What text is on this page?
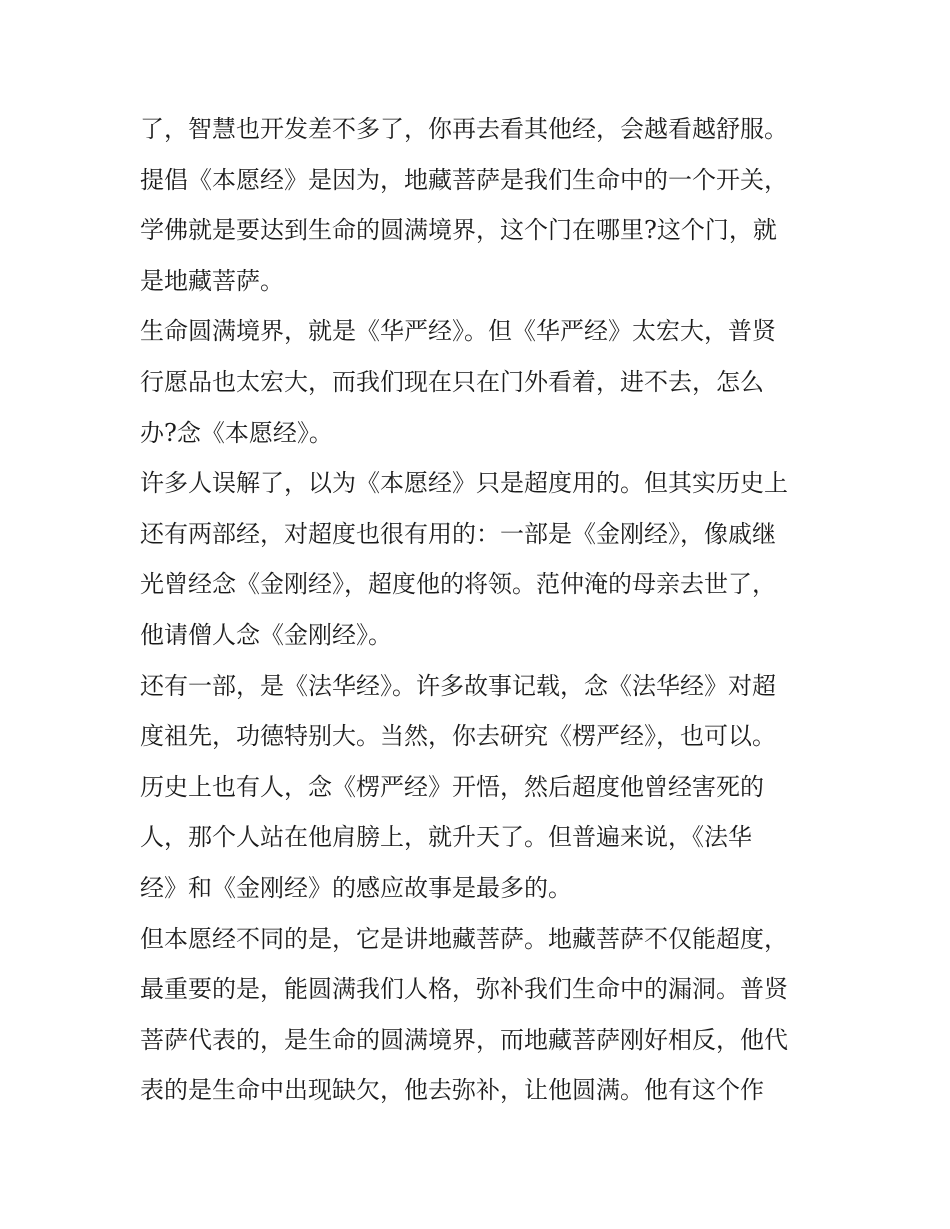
了，智慧也开发差不多了，你再去看其他经，会越看越舒服。
提倡《本愿经》是因为，地藏菩萨是我们生命中的一个开关，
学佛就是要达到生命的圆满境界，这个门在哪里?这个门，就
是地藏菩萨。
生命圆满境界，就是《华严经》。但《华严经》太宏大，普贤
行愿品也太宏大，而我们现在只在门外看着，进不去，怎么
办?念《本愿经》。
许多人误解了，以为《本愿经》只是超度用的。但其实历史上
还有两部经，对超度也很有用的：一部是《金刚经》，像戚继
光曾经念《金刚经》，超度他的将领。范仲淹的母亲去世了，
他请僧人念《金刚经》。
还有一部，是《法华经》。许多故事记载，念《法华经》对超
度祖先，功德特别大。当然，你去研究《楞严经》，也可以。
历史上也有人，念《楞严经》开悟，然后超度他曾经害死的
人，那个人站在他肩膀上，就升天了。但普遍来说，《法华
经》和《金刚经》的感应故事是最多的。
但本愿经不同的是，它是讲地藏菩萨。地藏菩萨不仅能超度，
最重要的是，能圆满我们人格，弥补我们生命中的漏洞。普贤
菩萨代表的，是生命的圆满境界，而地藏菩萨刚好相反，他代
表的是生命中出现缺欠，他去弥补，让他圆满。他有这个作
